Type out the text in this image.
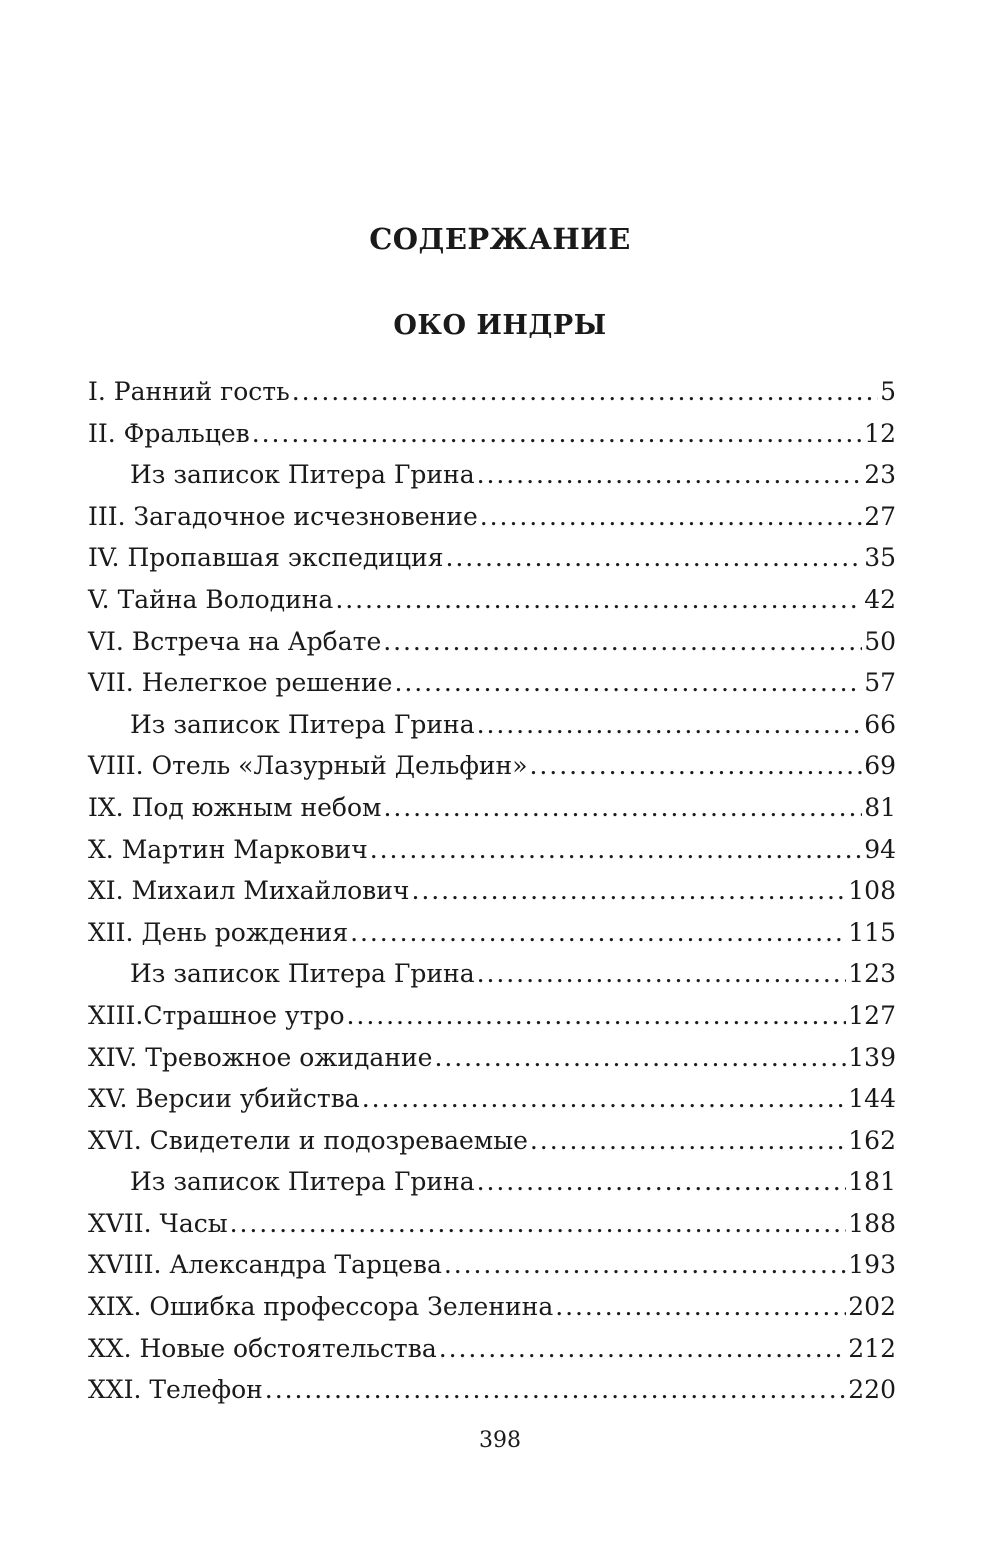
СОДЕРЖАНИЕ
ОКО ИНДРЫ
I. Ранний гость . . .	5
II. Фральцев . . .	12
Из записок Питера Грина . . .	23
III. Загадочное исчезновение . . .	27
IV. Пропавшая экспедиция . . .	35
V. Тайна Володина . . .	42
VI. Встреча на Арбате . . .	50
VII. Нелегкое решение . . .	57
Из записок Питера Грина . . .	66
VIII. Отель «Лазурный Дельфин» . . .	69
IX. Под южным небом . . .	81
X. Мартин Маркович . . .	94
XI. Михаил Михайлович . . .	108
XII. День рождения . . .	115
Из записок Питера Грина . . .	123
XIII.Страшное утро . . .	127
XIV. Тревожное ожидание . . .	139
XV. Версии убийства . . .	144
XVI. Свидетели и подозреваемые . . .	162
Из записок Питера Грина . . .	181
XVII. Часы . . .	188
XVIII. Александра Тарцева . . .	193
XIX. Ошибка профессора Зеленина . . .	202
XX. Новые обстоятельства . . .	212
XXI. Телефон . . .	220
398
